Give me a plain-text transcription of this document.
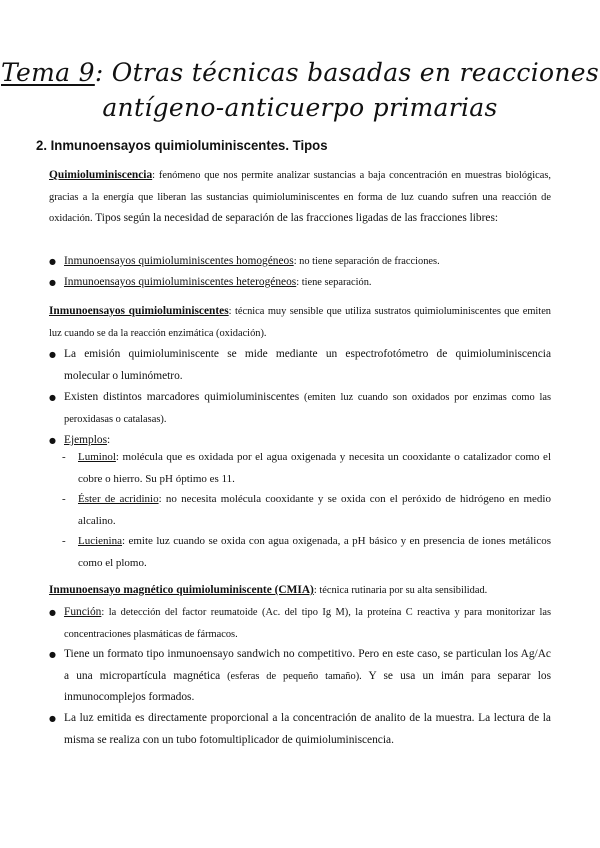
Tema 9: Otras técnicas basadas en reacciones
antígeno-anticuerpo primarias
2. Inmunoensayos quimioluminiscentes. Tipos

Quimioluminiscencia: fenómeno que nos permite analizar sustancias a baja concentración en muestras biológicas, gracias a la energía que liberan las sustancias quimioluminiscentes en forma de luz cuando sufren una reacción de oxidación. Tipos según la necesidad de separación de las fracciones ligadas de las fracciones libres:

● Inmunoensayos quimioluminiscentes homogéneos: no tiene separación de fracciones.
● Inmunoensayos quimioluminiscentes heterogéneos: tiene separación.

Inmunoensayos quimioluminiscentes: técnica muy sensible que utiliza sustratos quimioluminiscentes que emiten luz cuando se da la reacción enzimática (oxidación).

● La emisión quimioluminiscente se mide mediante un espectrofotómetro de quimioluminiscencia molecular o luminómetro.
● Existen distintos marcadores quimioluminiscentes (emiten luz cuando son oxidados por enzimas como las peroxidasas o catalasas).
● Ejemplos:
- Luminol: molécula que es oxidada por el agua oxigenada y necesita un cooxidante o catalizador como el cobre o hierro. Su pH óptimo es 11.
- Éster de acridinio: no necesita molécula cooxidante y se oxida con el peróxido de hidrógeno en medio alcalino.
- Lucienina: emite luz cuando se oxida con agua oxigenada, a pH básico y en presencia de iones metálicos como el plomo.

Inmunoensayo magnético quimioluminiscente (CMIA): técnica rutinaria por su alta sensibilidad.

● Función: la detección del factor reumatoide (Ac. del tipo Ig M), la proteína C reactiva y para monitorizar las concentraciones plasmáticas de fármacos.
● Tiene un formato tipo inmunoensayo sandwich no competitivo. Pero en este caso, se particulan los Ag/Ac a una micropartícula magnética (esferas de pequeño tamaño). Y se usa un imán para separar los inmunocomplejos formados.
● La luz emitida es directamente proporcional a la concentración de analito de la muestra. La lectura de la misma se realiza con un tubo fotomultiplicador de quimioluminiscencia.
